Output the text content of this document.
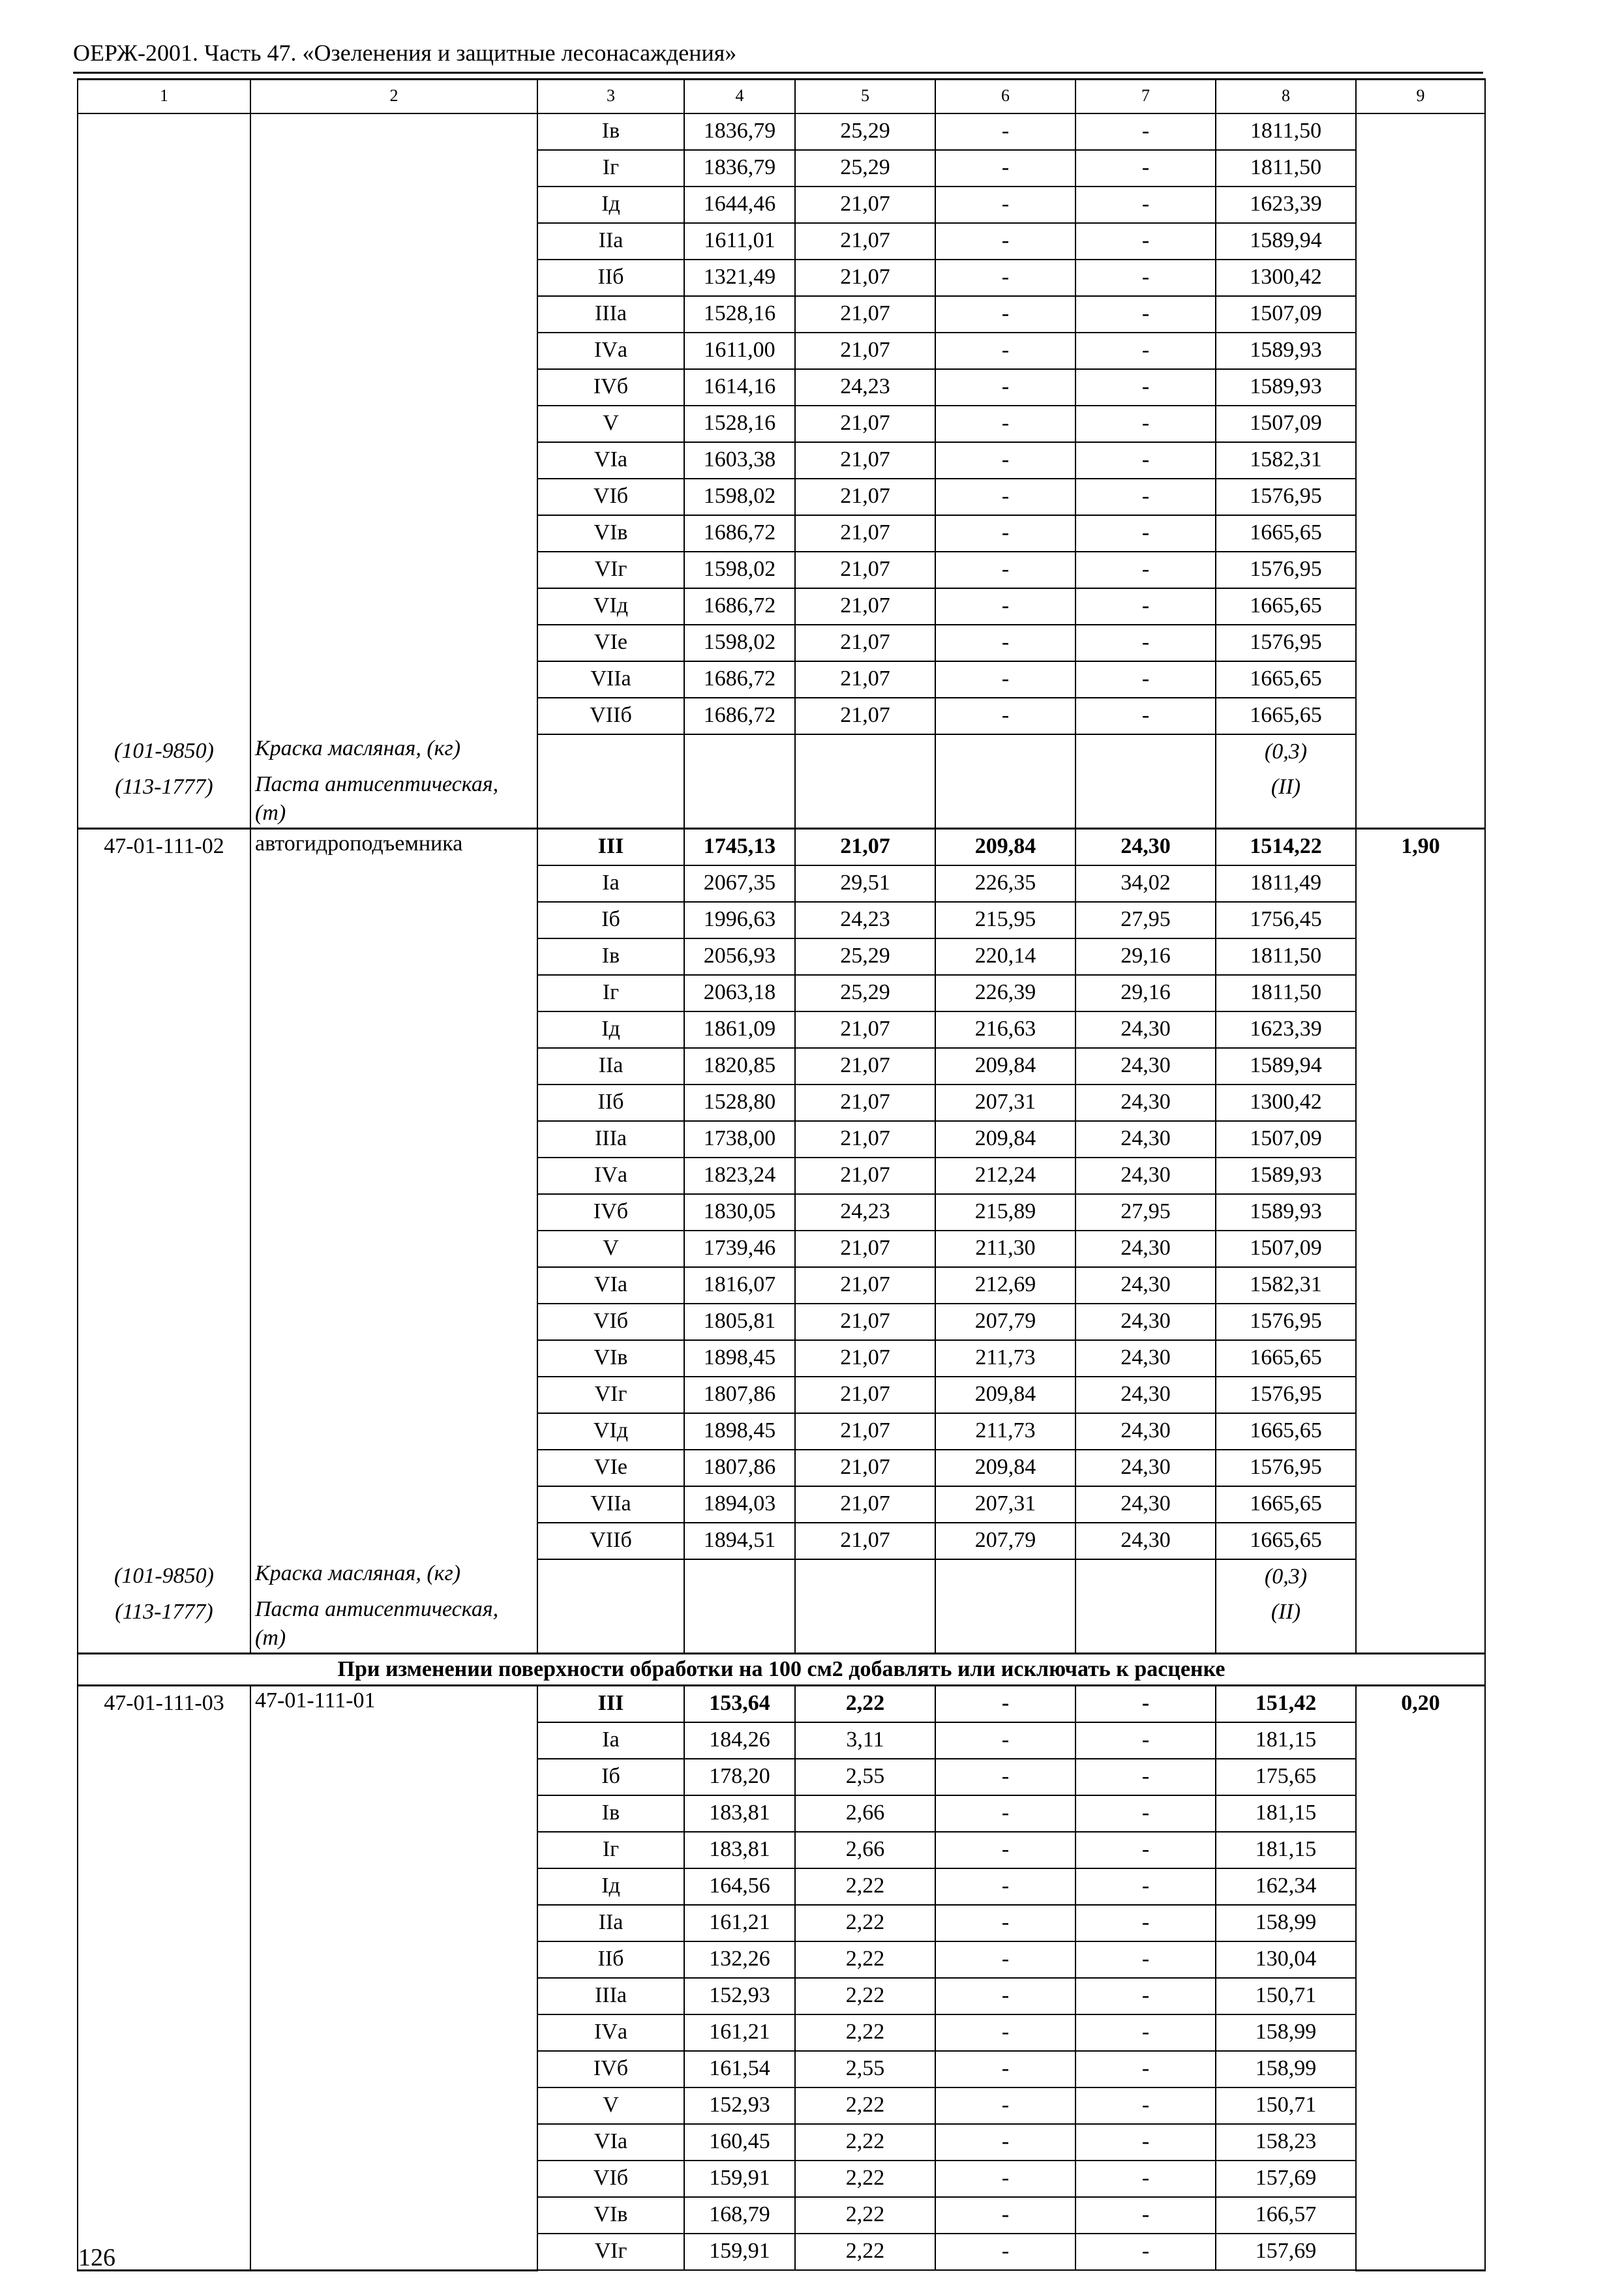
ОЕРЖ-2001. Часть 47. «Озеленения и защитные лесонасаждения»
1	2	3	4	5	6	7	8	9
		Iв	1836,79	25,29	-	-	1811,50	
		Iг	1836,79	25,29	-	-	1811,50	
		Iд	1644,46	21,07	-	-	1623,39	
		IIа	1611,01	21,07	-	-	1589,94	
		IIб	1321,49	21,07	-	-	1300,42	
		IIIа	1528,16	21,07	-	-	1507,09	
		IVа	1611,00	21,07	-	-	1589,93	
		IVб	1614,16	24,23	-	-	1589,93	
		V	1528,16	21,07	-	-	1507,09	
		VIа	1603,38	21,07	-	-	1582,31	
		VIб	1598,02	21,07	-	-	1576,95	
		VIв	1686,72	21,07	-	-	1665,65	
		VIг	1598,02	21,07	-	-	1576,95	
		VIд	1686,72	21,07	-	-	1665,65	
		VIе	1598,02	21,07	-	-	1576,95	
		VIIа	1686,72	21,07	-	-	1665,65	
		VIIб	1686,72	21,07	-	-	1665,65	
(101-9850)	Краска масляная, (кг)						(0,3)	
(113-1777)	Паста антисептическая, (т)						(II)	
47-01-111-02	автогидроподъемника	III	1745,13	21,07	209,84	24,30	1514,22	1,90
		Iа	2067,35	29,51	226,35	34,02	1811,49	
		Iб	1996,63	24,23	215,95	27,95	1756,45	
		Iв	2056,93	25,29	220,14	29,16	1811,50	
		Iг	2063,18	25,29	226,39	29,16	1811,50	
		Iд	1861,09	21,07	216,63	24,30	1623,39	
		IIа	1820,85	21,07	209,84	24,30	1589,94	
		IIб	1528,80	21,07	207,31	24,30	1300,42	
		IIIа	1738,00	21,07	209,84	24,30	1507,09	
		IVа	1823,24	21,07	212,24	24,30	1589,93	
		IVб	1830,05	24,23	215,89	27,95	1589,93	
		V	1739,46	21,07	211,30	24,30	1507,09	
		VIа	1816,07	21,07	212,69	24,30	1582,31	
		VIб	1805,81	21,07	207,79	24,30	1576,95	
		VIв	1898,45	21,07	211,73	24,30	1665,65	
		VIг	1807,86	21,07	209,84	24,30	1576,95	
		VIд	1898,45	21,07	211,73	24,30	1665,65	
		VIе	1807,86	21,07	209,84	24,30	1576,95	
		VIIа	1894,03	21,07	207,31	24,30	1665,65	
		VIIб	1894,51	21,07	207,79	24,30	1665,65	
(101-9850)	Краска масляная, (кг)						(0,3)	
(113-1777)	Паста антисептическая, (т)						(II)	
При изменении поверхности обработки на 100 см2 добавлять или исключать к расценке								
47-01-111-03	47-01-111-01	III	153,64	2,22	-	-	151,42	0,20
		Iа	184,26	3,11	-	-	181,15	
		Iб	178,20	2,55	-	-	175,65	
		Iв	183,81	2,66	-	-	181,15	
		Iг	183,81	2,66	-	-	181,15	
		Iд	164,56	2,22	-	-	162,34	
		IIа	161,21	2,22	-	-	158,99	
		IIб	132,26	2,22	-	-	130,04	
		IIIа	152,93	2,22	-	-	150,71	
		IVа	161,21	2,22	-	-	158,99	
		IVб	161,54	2,55	-	-	158,99	
		V	152,93	2,22	-	-	150,71	
		VIа	160,45	2,22	-	-	158,23	
		VIб	159,91	2,22	-	-	157,69	
		VIв	168,79	2,22	-	-	166,57	
		VIг	159,91	2,22	-	-	157,69	
126
